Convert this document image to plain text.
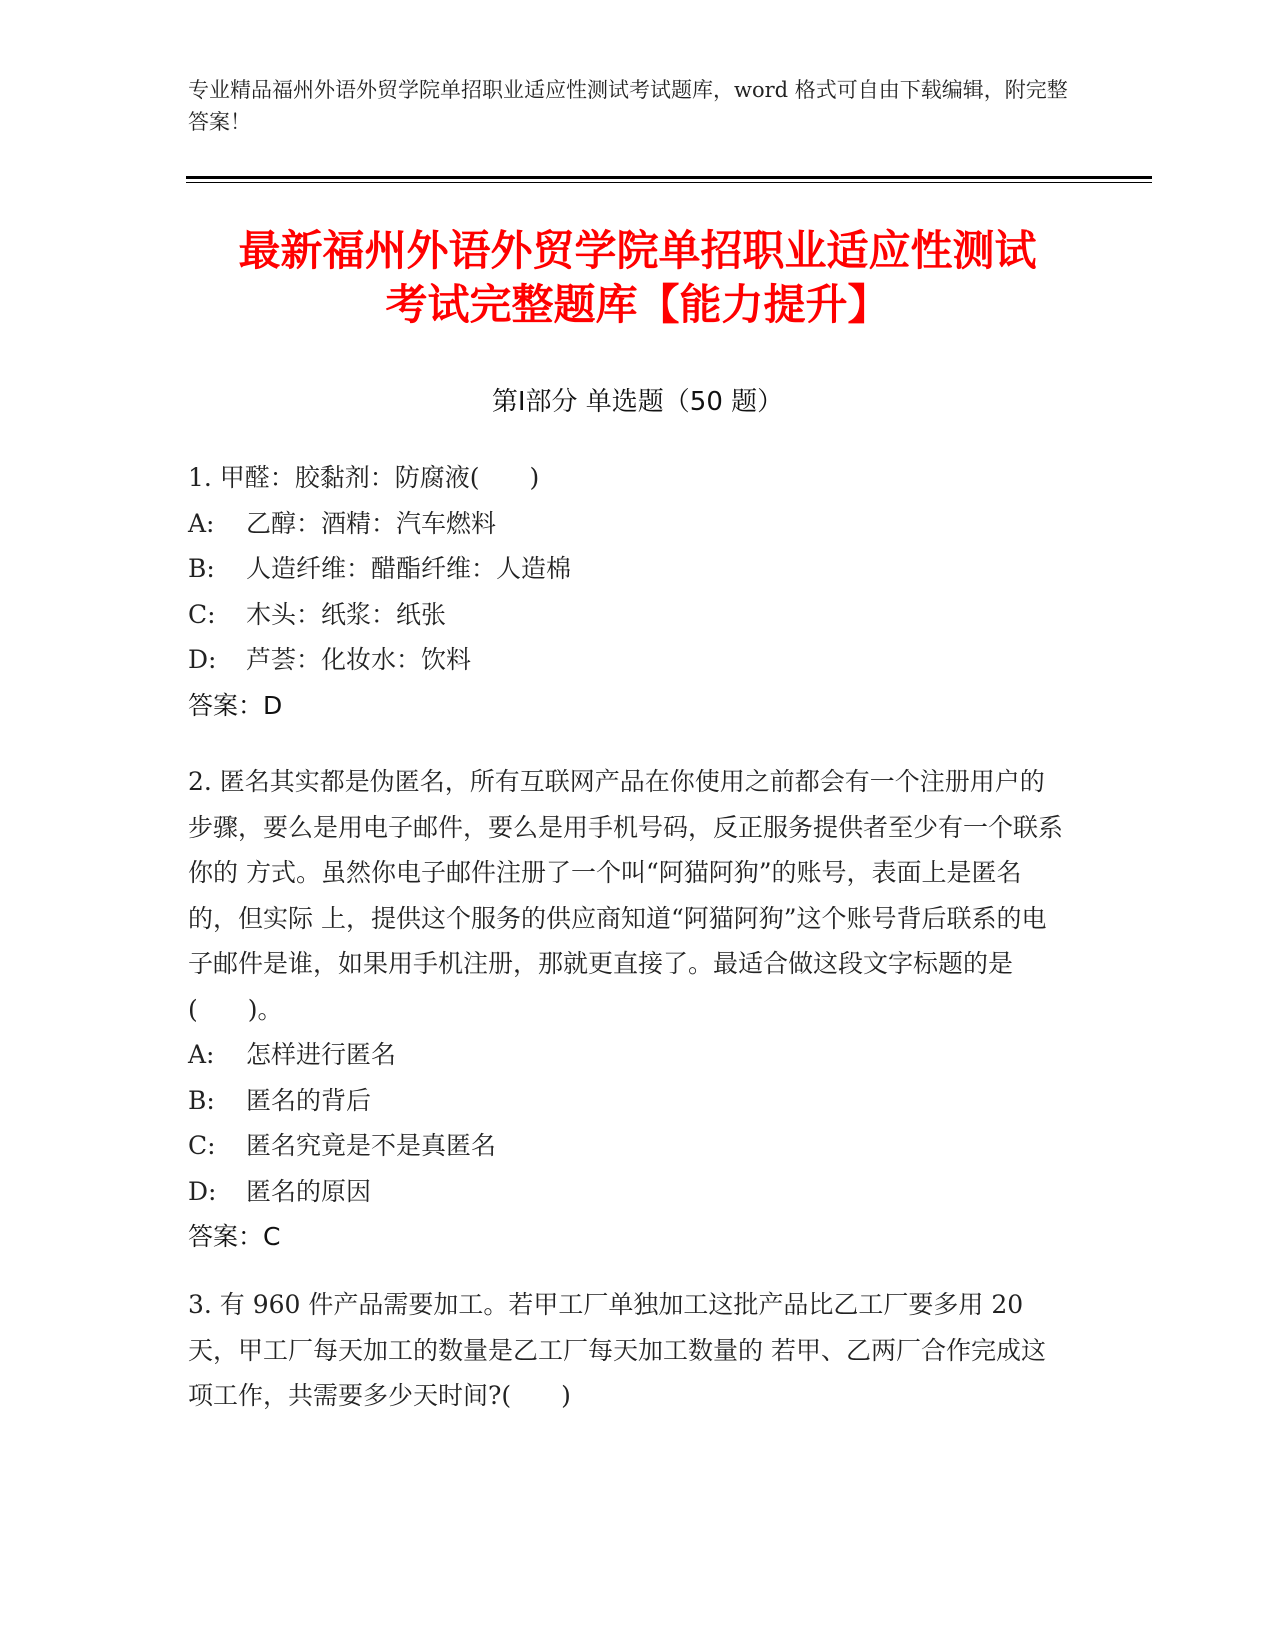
专业精品福州外语外贸学院单招职业适应性测试考试题库，word 格式可自由下载编辑，附完整答案！
最新福州外语外贸学院单招职业适应性测试
考试完整题库【能力提升】
第Ⅰ部分 单选题（50 题）
1. 甲醛：胶黏剂：防腐液(　　)
A: 乙醇：酒精：汽车燃料
B: 人造纤维：醋酯纤维：人造棉
C: 木头：纸浆：纸张
D: 芦荟：化妆水：饮料
答案：D
2. 匿名其实都是伪匿名，所有互联网产品在你使用之前都会有一个注册用户的 步骤，要么是用电子邮件，要么是用手机号码，反正服务提供者至少有一个联系你的 方式。虽然你电子邮件注册了一个叫“阿猫阿狗”的账号，表面上是匿名的，但实际 上，提供这个服务的供应商知道“阿猫阿狗”这个账号背后联系的电子邮件是谁，如果用手机注册，那就更直接了。最适合做这段文字标题的是(　　)。
A: 怎样进行匿名
B: 匿名的背后
C: 匿名究竟是不是真匿名
D: 匿名的原因
答案：C
3. 有 960 件产品需要加工。若甲工厂单独加工这批产品比乙工厂要多用 20 天，甲工厂每天加工的数量是乙工厂每天加工数量的 若甲、乙两厂合作完成这项工作，共需要多少天时间?(　　)
